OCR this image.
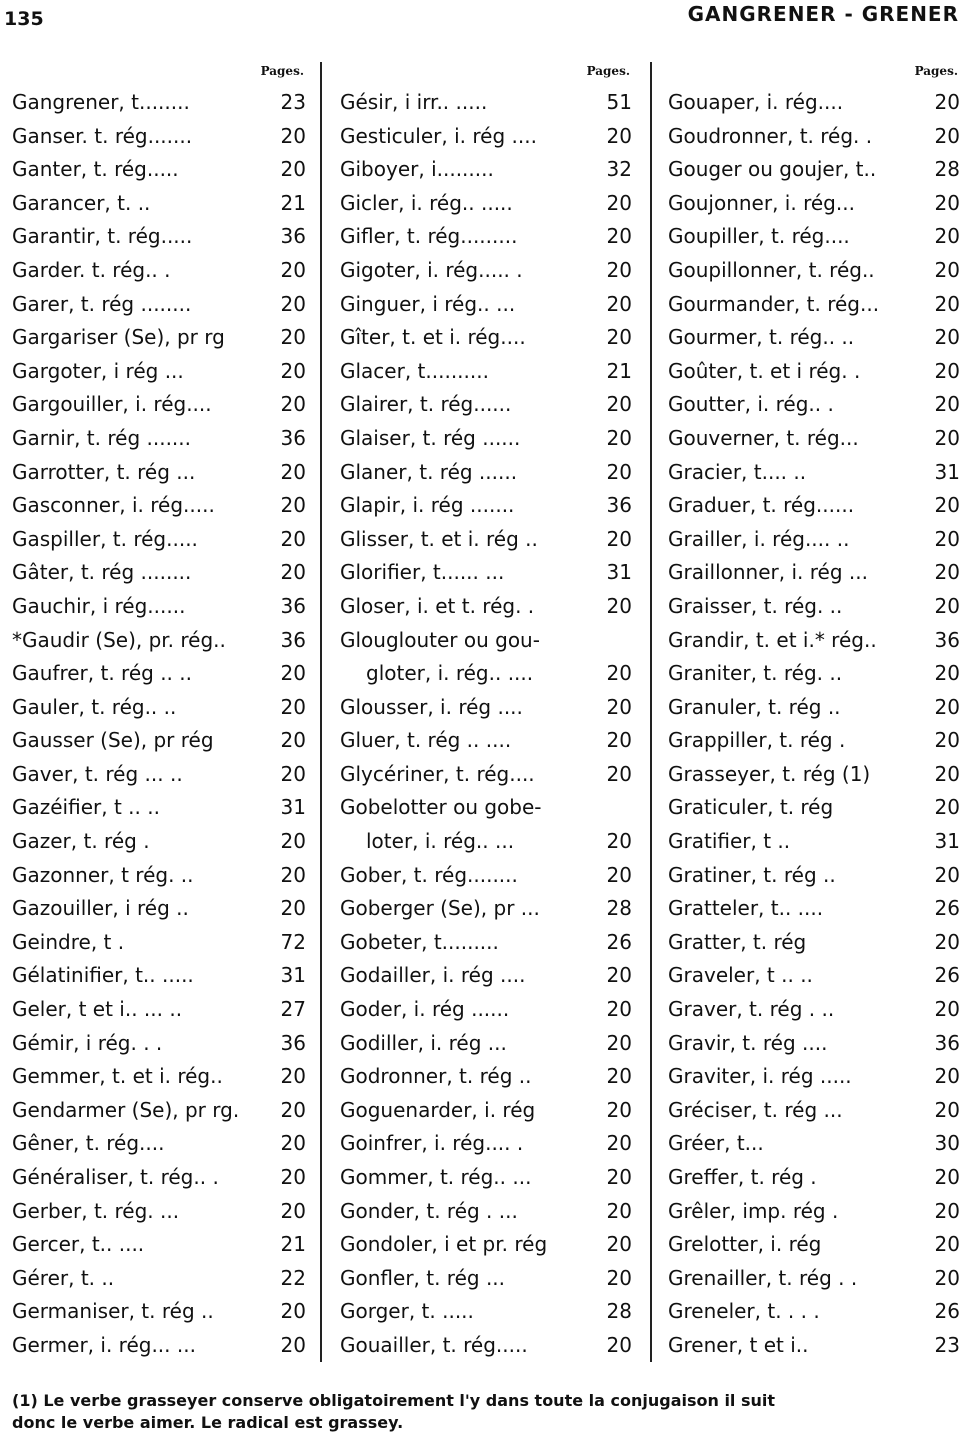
135	GANGRENER - GRENER
Pages.
Gangrener, t........	23
Ganser. t. rég.......	20
Ganter, t. rég.....	20
Garancer, t. ..	21
Garantir, t. rég.....	36
Garder. t. rég.. .	20
Garer, t. rég ........	20
Gargariser (Se), pr rg	20
Gargoter, i rég ...	20
Gargouiller, i. rég....	20
Garnir, t. rég .......	36
Garrotter, t. rég ...	20
Gasconner, i. rég.....	20
Gaspiller, t. rég.....	20
Gâter, t. rég ........	20
Gauchir, i rég......	36
*Gaudir (Se), pr. rég..	36
Gaufrer, t. rég .. ..	20
Gauler, t. rég.. ..	20
Gausser (Se), pr rég	20
Gaver, t. rég ... ..	20
Gazéifier, t .. ..	31
Gazer, t. rég .	20
Gazonner, t rég. ..	20
Gazouiller, i rég ..	20
Geindre, t .	72
Gélatinifier, t.. .....	31
Geler, t et i.. ... ..	27
Gémir, i rég. . .	36
Gemmer, t. et i. rég..	20
Gendarmer (Se), pr rg.	20
Gêner, t. rég....	20
Généraliser, t. rég.. .	20
Gerber, t. rég. ...	20
Gercer, t.. ....	21
Gérer, t. ..	22
Germaniser, t. rég ..	20
Germer, i. rég... ...	20
Pages.
Gésir, i irr.. .....	51
Gesticuler, i. rég ....	20
Giboyer, i.........	32
Gicler, i. rég.. .....	20
Gifler, t. rég.........	20
Gigoter, i. rég..... .	20
Ginguer, i rég.. ...	20
Gîter, t. et i. rég....	20
Glacer, t..........	21
Glairer, t. rég......	20
Glaiser, t. rég ......	20
Glaner, t. rég ......	20
Glapir, i. rég .......	36
Glisser, t. et i. rég ..	20
Glorifier, t...... ...	31
Gloser, i. et t. rég. .	20
Glouglouter ou gou-
gloter, i. rég.. ....	20
Glousser, i. rég ....	20
Gluer, t. rég .. ....	20
Glycériner, t. rég....	20
Gobelotter ou gobe-
loter, i. rég.. ...	20
Gober, t. rég........	20
Goberger (Se), pr ...	28
Gobeter, t.........	26
Godailler, i. rég ....	20
Goder, i. rég ......	20
Godiller, i. rég ...	20
Godronner, t. rég ..	20
Goguenarder, i. rég	20
Goinfrer, i. rég.... .	20
Gommer, t. rég.. ...	20
Gonder, t. rég . ...	20
Gondoler, i et pr. rég	20
Gonfler, t. rég ...	20
Gorger, t. .....	28
Gouailler, t. rég.....	20
Pages.
Gouaper, i. rég....	20
Goudronner, t. rég. .	20
Gouger ou goujer, t..	28
Goujonner, i. rég...	20
Goupiller, t. rég....	20
Goupillonner, t. rég..	20
Gourmander, t. rég...	20
Gourmer, t. rég.. ..	20
Goûter, t. et i rég. .	20
Goutter, i. rég.. .	20
Gouverner, t. rég...	20
Gracier, t.... ..	31
Graduer, t. rég......	20
Grailler, i. rég.... ..	20
Graillonner, i. rég ...	20
Graisser, t. rég. ..	20
Grandir, t. et i.* rég..	36
Graniter, t. rég. ..	20
Granuler, t. rég ..	20
Grappiller, t. rég .	20
Grasseyer, t. rég (1)	20
Graticuler, t. rég	20
Gratifier, t ..	31
Gratiner, t. rég ..	20
Gratteler, t.. ....	26
Gratter, t. rég	20
Graveler, t .. ..	26
Graver, t. rég . ..	20
Gravir, t. rég ....	36
Graviter, i. rég .....	20
Gréciser, t. rég ...	20
Gréer, t...	30
Greffer, t. rég .	20
Grêler, imp. rég .	20
Grelotter, i. rég	20
Grenailler, t. rég . .	20
Greneler, t. . . .	26
Grener, t et i..	23
(1) Le verbe grasseyer conserve obligatoirement l'y dans toute la conjugaison il suit
donc le verbe aimer. Le radical est grassey.
